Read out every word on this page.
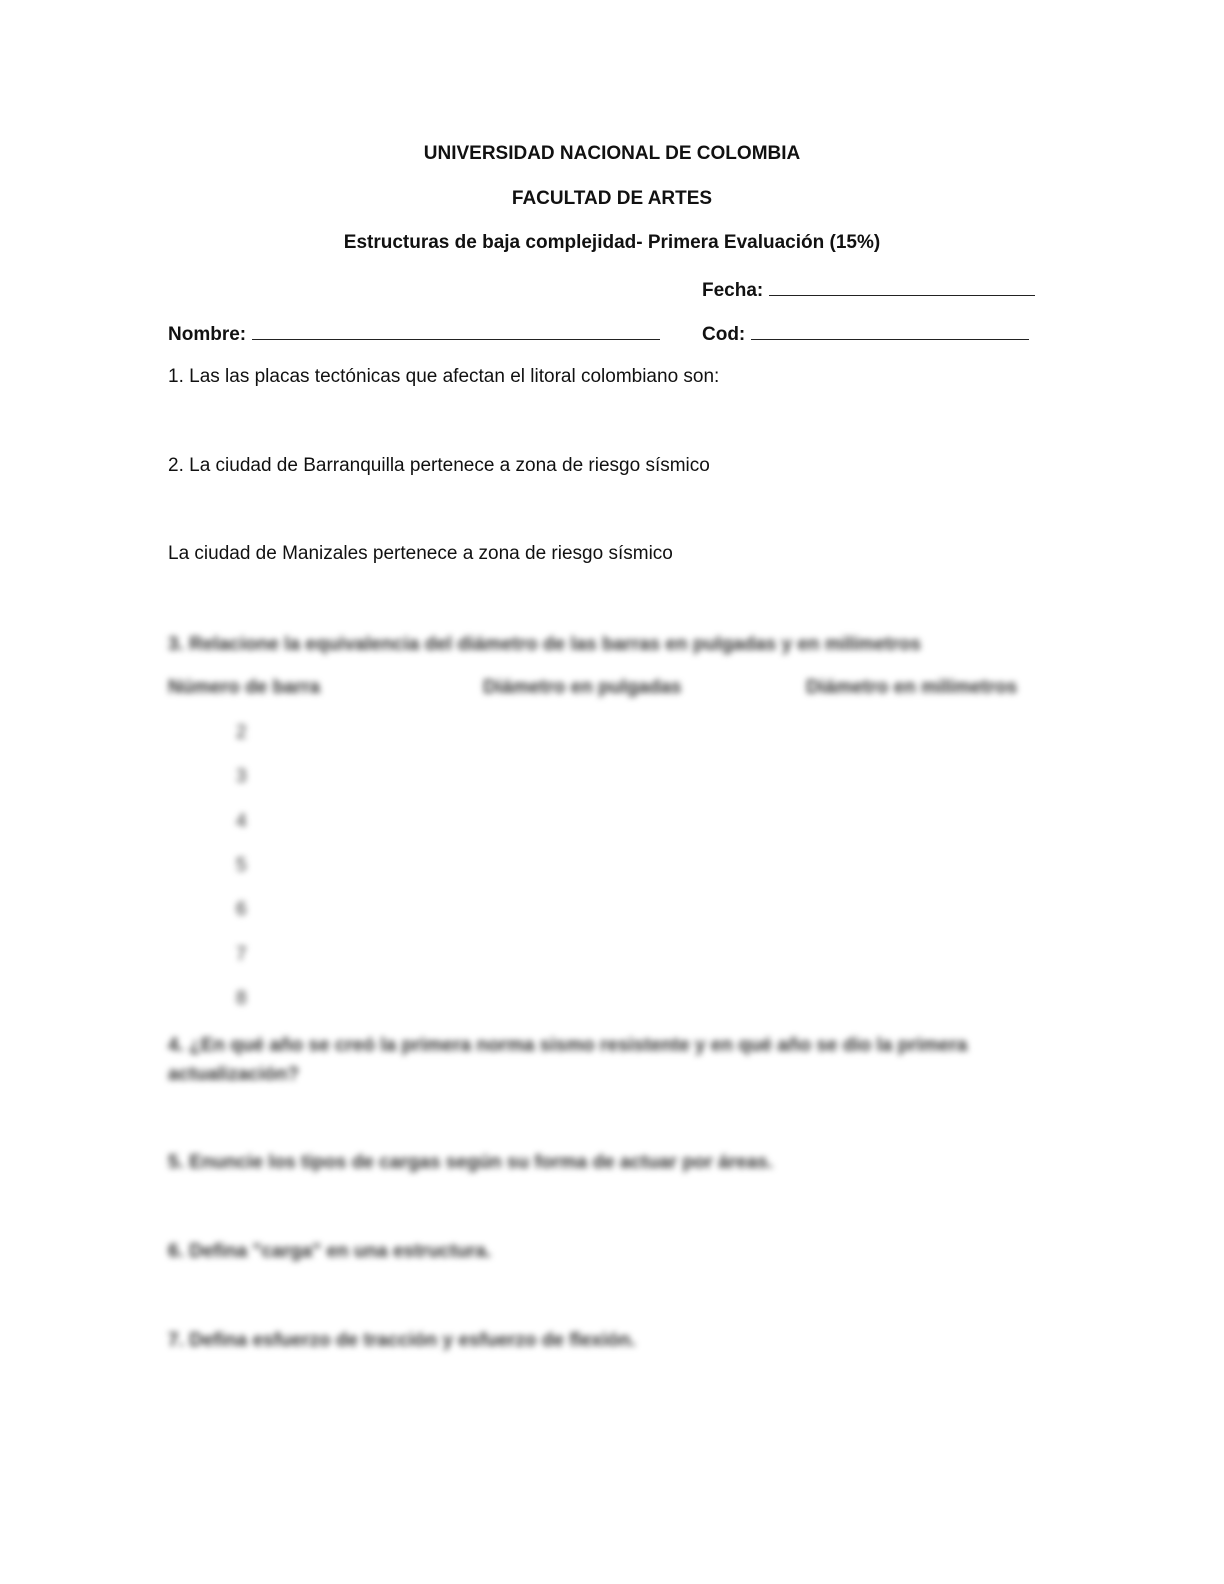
UNIVERSIDAD NACIONAL DE COLOMBIA
FACULTAD DE ARTES
Estructuras de baja complejidad- Primera Evaluación (15%)
Fecha:
Nombre:	Cod:
1. Las las placas tectónicas que afectan el litoral colombiano son:
2. La ciudad de Barranquilla pertenece a zona de riesgo sísmico
La ciudad de Manizales pertenece a zona de riesgo sísmico
3. Relacione la equivalencia del diámetro de las barras en pulgadas y en milímetros
Número de barra	Diámetro en pulgadas	Diámetro en milímetros
2
3
4
5
6
7
8
4. ¿En qué año se creó la primera norma sismo resistente y en qué año se dio la primera
actualización?
5. Enuncie los tipos de cargas según su forma de actuar por áreas.
6. Defina "carga" en una estructura.
7. Defina esfuerzo de tracción y esfuerzo de flexión.
